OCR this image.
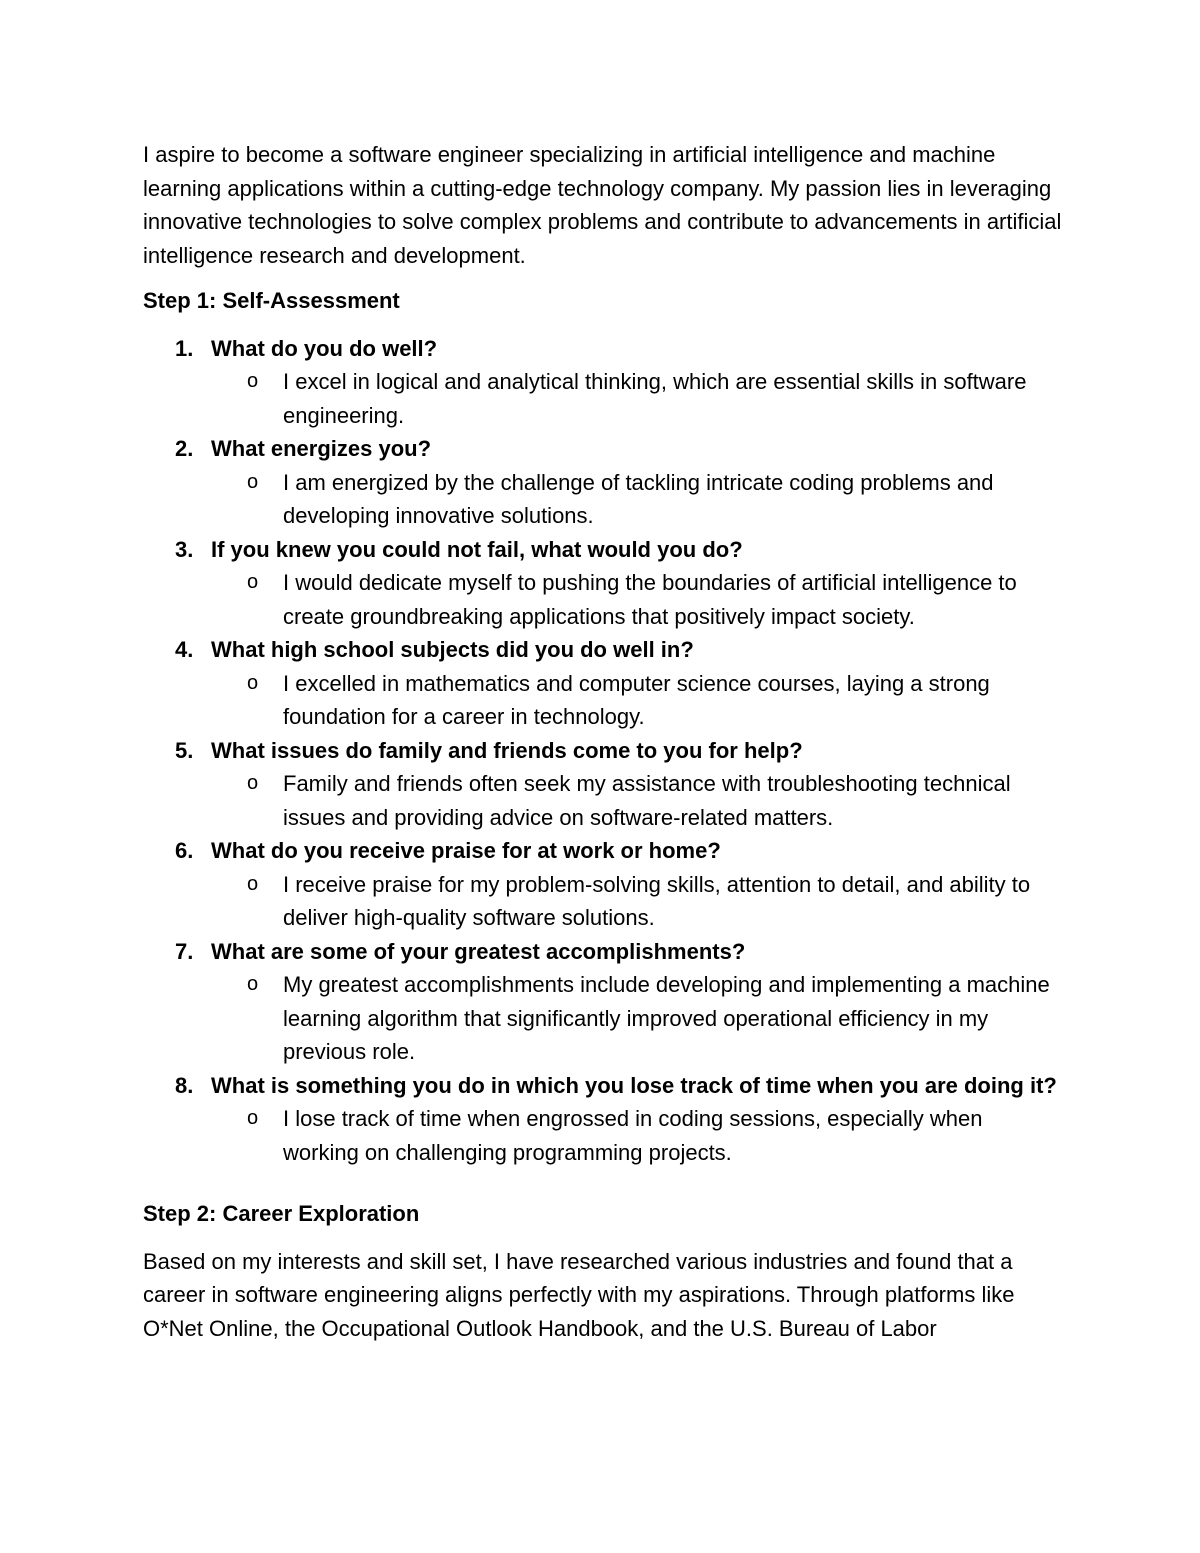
I aspire to become a software engineer specializing in artificial intelligence and machine learning applications within a cutting-edge technology company. My passion lies in leveraging innovative technologies to solve complex problems and contribute to advancements in artificial intelligence research and development.

Step 1: Self-Assessment

1. What do you do well?
o I excel in logical and analytical thinking, which are essential skills in software engineering.
2. What energizes you?
o I am energized by the challenge of tackling intricate coding problems and developing innovative solutions.
3. If you knew you could not fail, what would you do?
o I would dedicate myself to pushing the boundaries of artificial intelligence to create groundbreaking applications that positively impact society.
4. What high school subjects did you do well in?
o I excelled in mathematics and computer science courses, laying a strong foundation for a career in technology.
5. What issues do family and friends come to you for help?
o Family and friends often seek my assistance with troubleshooting technical issues and providing advice on software-related matters.
6. What do you receive praise for at work or home?
o I receive praise for my problem-solving skills, attention to detail, and ability to deliver high-quality software solutions.
7. What are some of your greatest accomplishments?
o My greatest accomplishments include developing and implementing a machine learning algorithm that significantly improved operational efficiency in my previous role.
8. What is something you do in which you lose track of time when you are doing it?
o I lose track of time when engrossed in coding sessions, especially when working on challenging programming projects.

Step 2: Career Exploration

Based on my interests and skill set, I have researched various industries and found that a career in software engineering aligns perfectly with my aspirations. Through platforms like O*Net Online, the Occupational Outlook Handbook, and the U.S. Bureau of Labor
